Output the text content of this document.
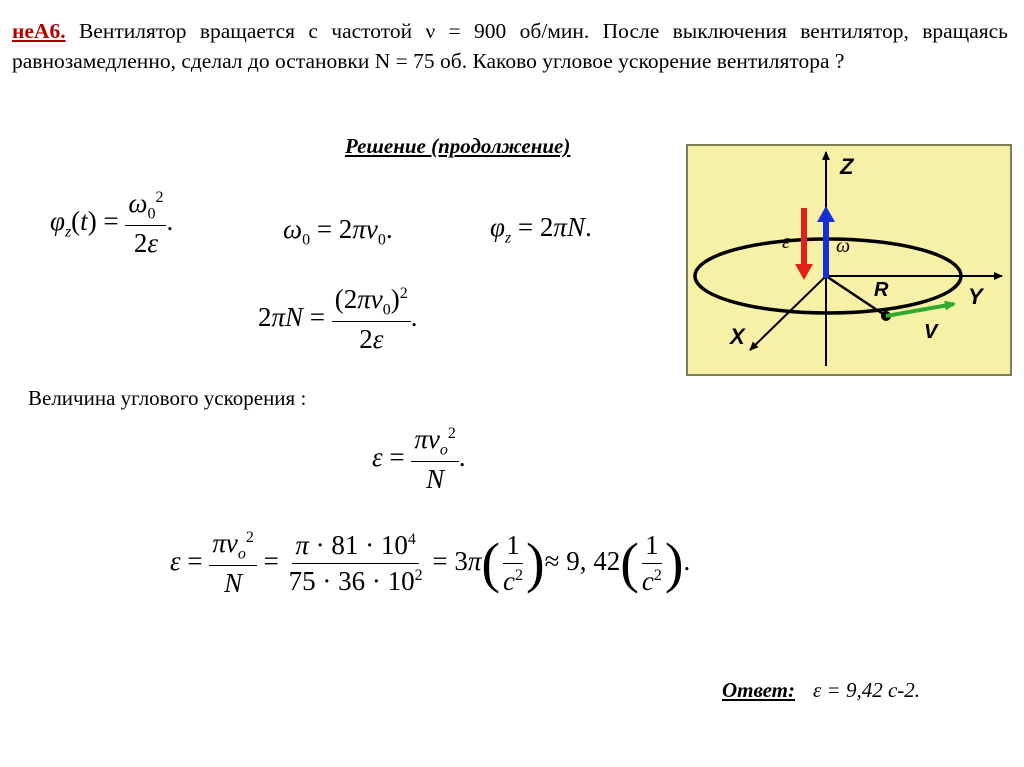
неА6. Вентилятор вращается с частотой ν = 900 об/мин. После выключения вентилятор, вращаясь равнозамедленно, сделал до остановки N = 75 об. Каково угловое ускорение вентилятора ?
Решение (продолжение)
$\varphi_z(t) = \frac{\omega_0^2}{2\varepsilon}$ .	$\omega_0 = 2\pi\nu_0$.	$\varphi_z = 2\pi N$.
$2\pi N = \frac{(2\pi\nu_0)^2}{2\varepsilon}$ .
Величина углового ускорения :
$\varepsilon = \frac{\pi\nu_o^2}{N}$ .
$\varepsilon = \frac{\pi\nu_o^2}{N} = \frac{\pi \cdot 81 \cdot 10^4}{75 \cdot 36 \cdot 10^2} = 3\pi( \frac{1}{c^2}$ )≈ 9, $42( \frac{1}{c^2}$ ).
Ответ: ε = 9,42 с-2.
Z
Y
X
ε ω
R
V
